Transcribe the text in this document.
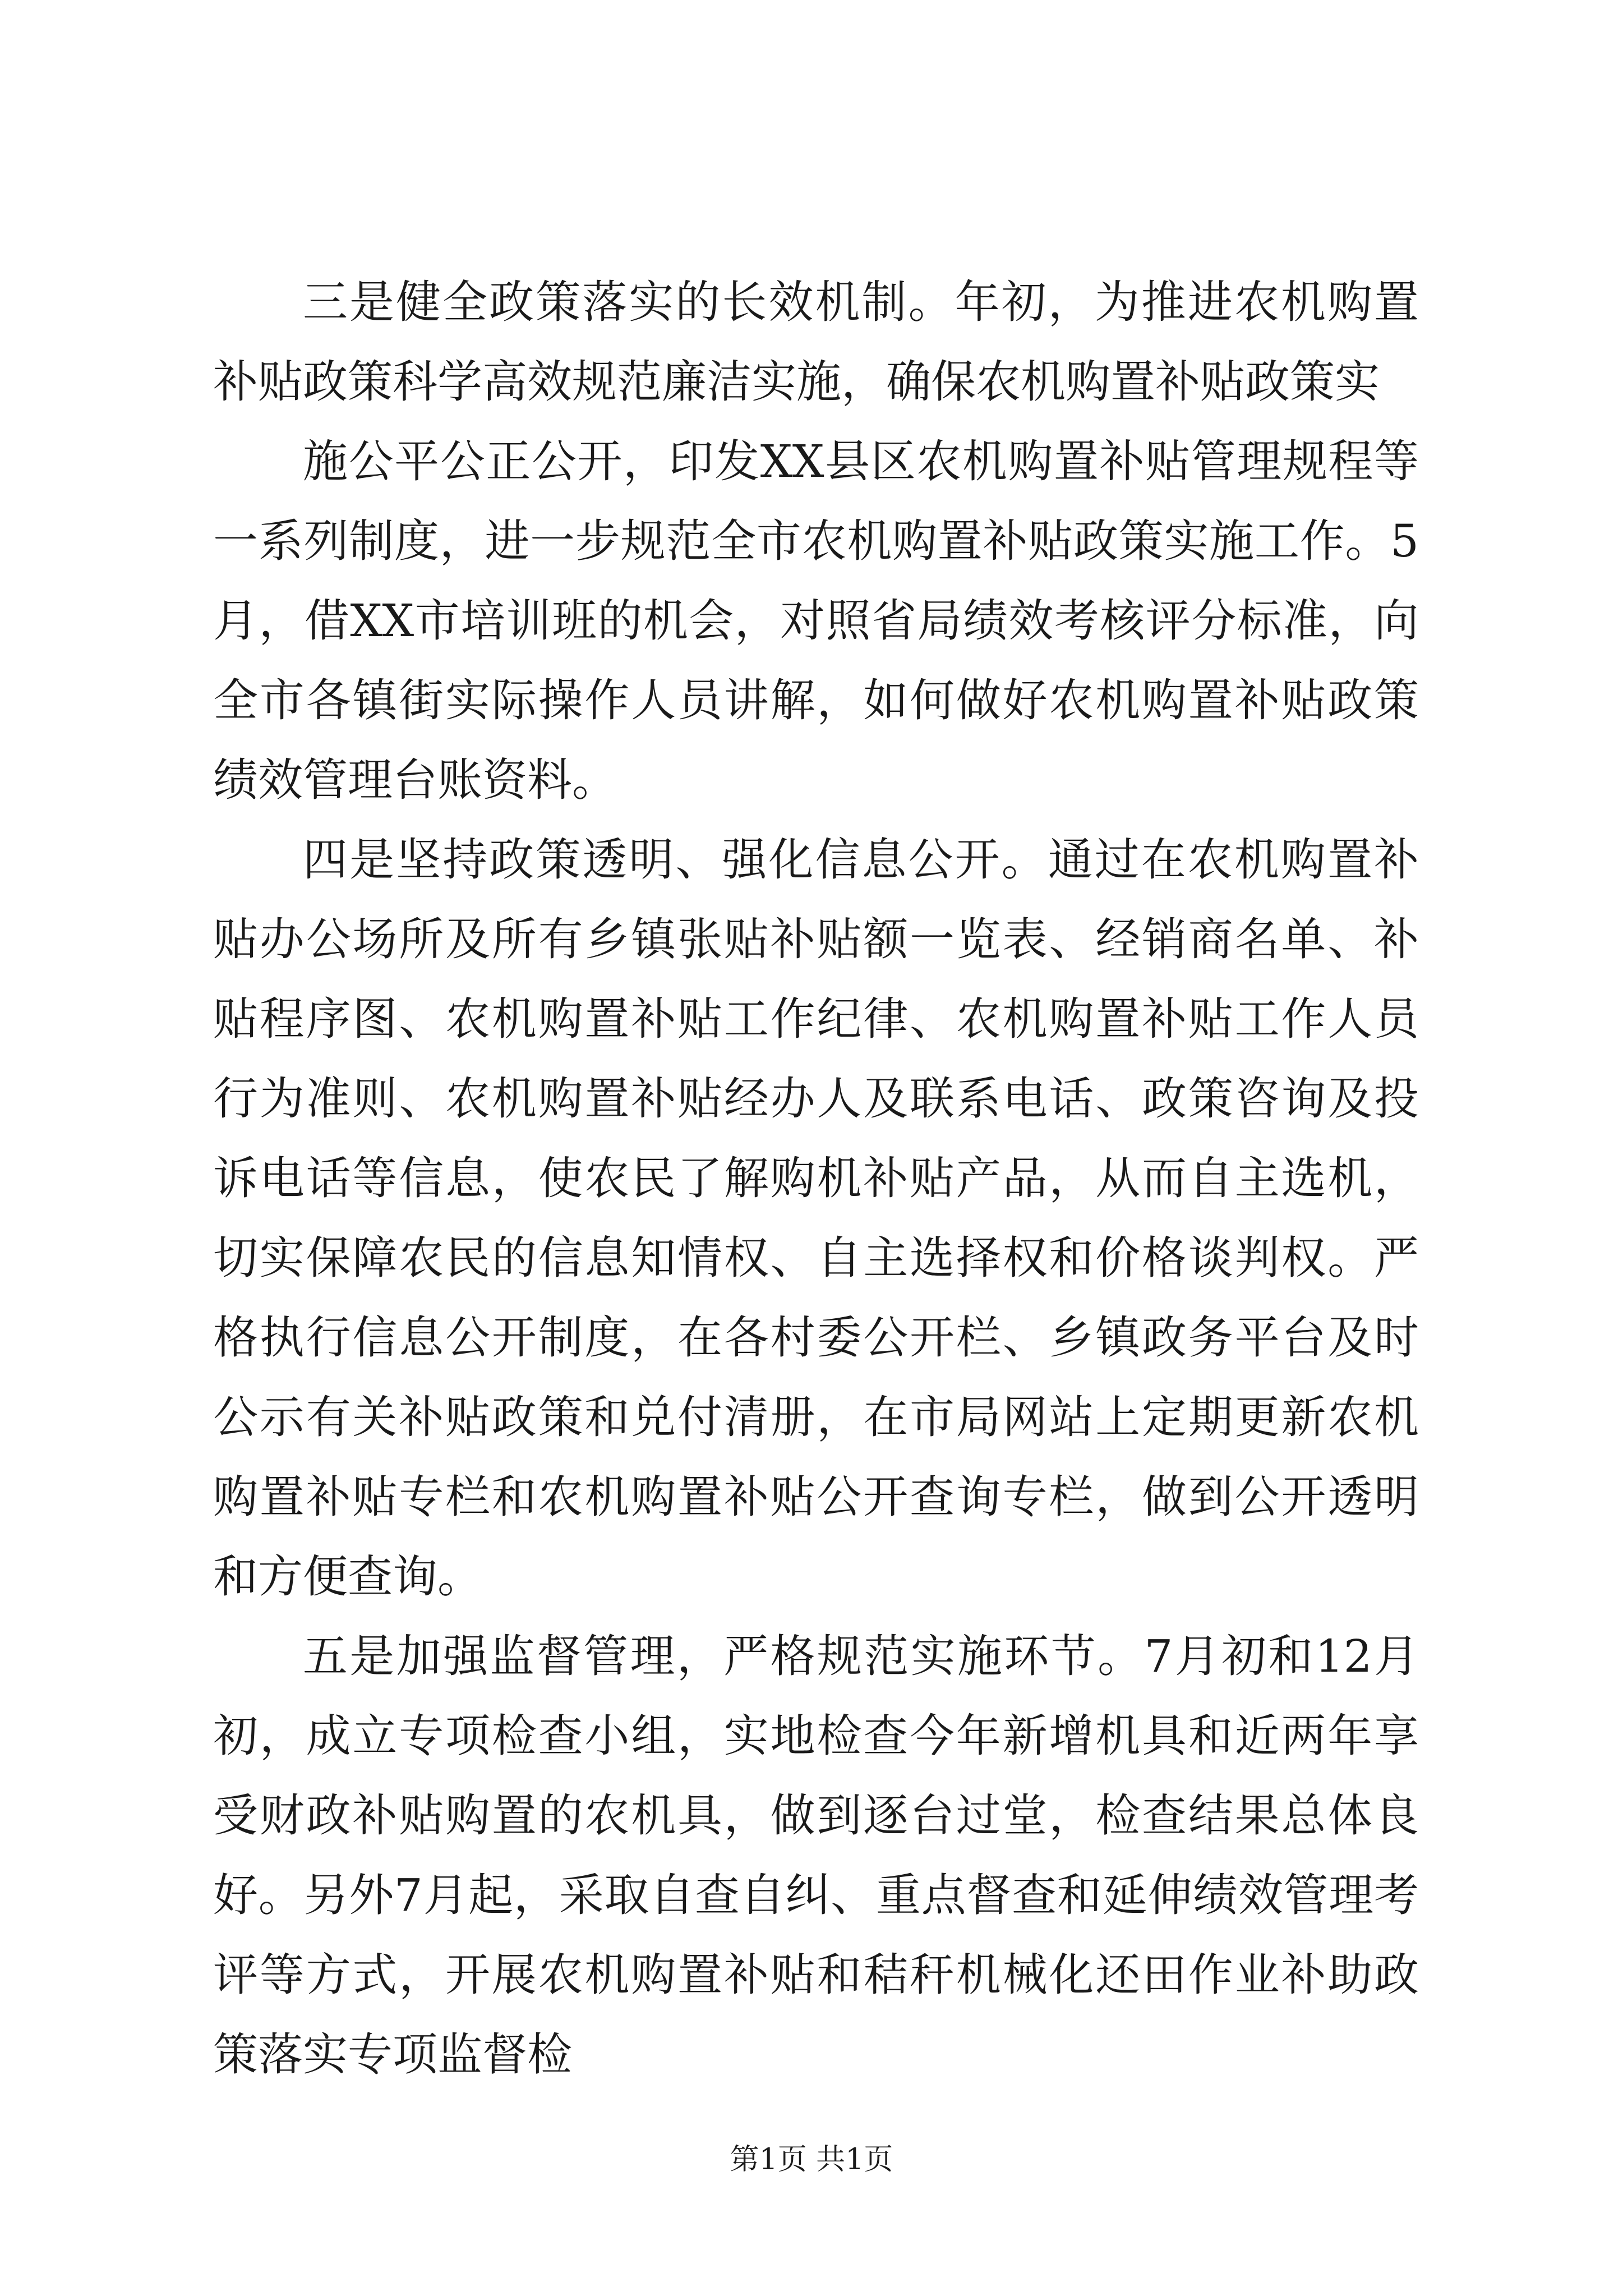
三是健全政策落实的长效机制。年初，为推进农机购置补贴政策科学高效规范廉洁实施，确保农机购置补贴政策实

施公平公正公开，印发XX县区农机购置补贴管理规程等一系列制度，进一步规范全市农机购置补贴政策实施工作。5月，借XX市培训班的机会，对照省局绩效考核评分标准，向全市各镇街实际操作人员讲解，如何做好农机购置补贴政策绩效管理台账资料。

四是坚持政策透明、强化信息公开。通过在农机购置补贴办公场所及所有乡镇张贴补贴额一览表、经销商名单、补贴程序图、农机购置补贴工作纪律、农机购置补贴工作人员行为准则、农机购置补贴经办人及联系电话、政策咨询及投诉电话等信息，使农民了解购机补贴产品，从而自主选机，切实保障农民的信息知情权、自主选择权和价格谈判权。严格执行信息公开制度，在各村委公开栏、乡镇政务平台及时公示有关补贴政策和兑付清册，在市局网站上定期更新农机购置补贴专栏和农机购置补贴公开查询专栏，做到公开透明和方便查询。

五是加强监督管理，严格规范实施环节。7月初和12月初，成立专项检查小组，实地检查今年新增机具和近两年享受财政补贴购置的农机具，做到逐台过堂，检查结果总体良好。另外7月起，采取自查自纠、重点督查和延伸绩效管理考评等方式，开展农机购置补贴和秸秆机械化还田作业补助政策落实专项监督检

第1页 共1页
